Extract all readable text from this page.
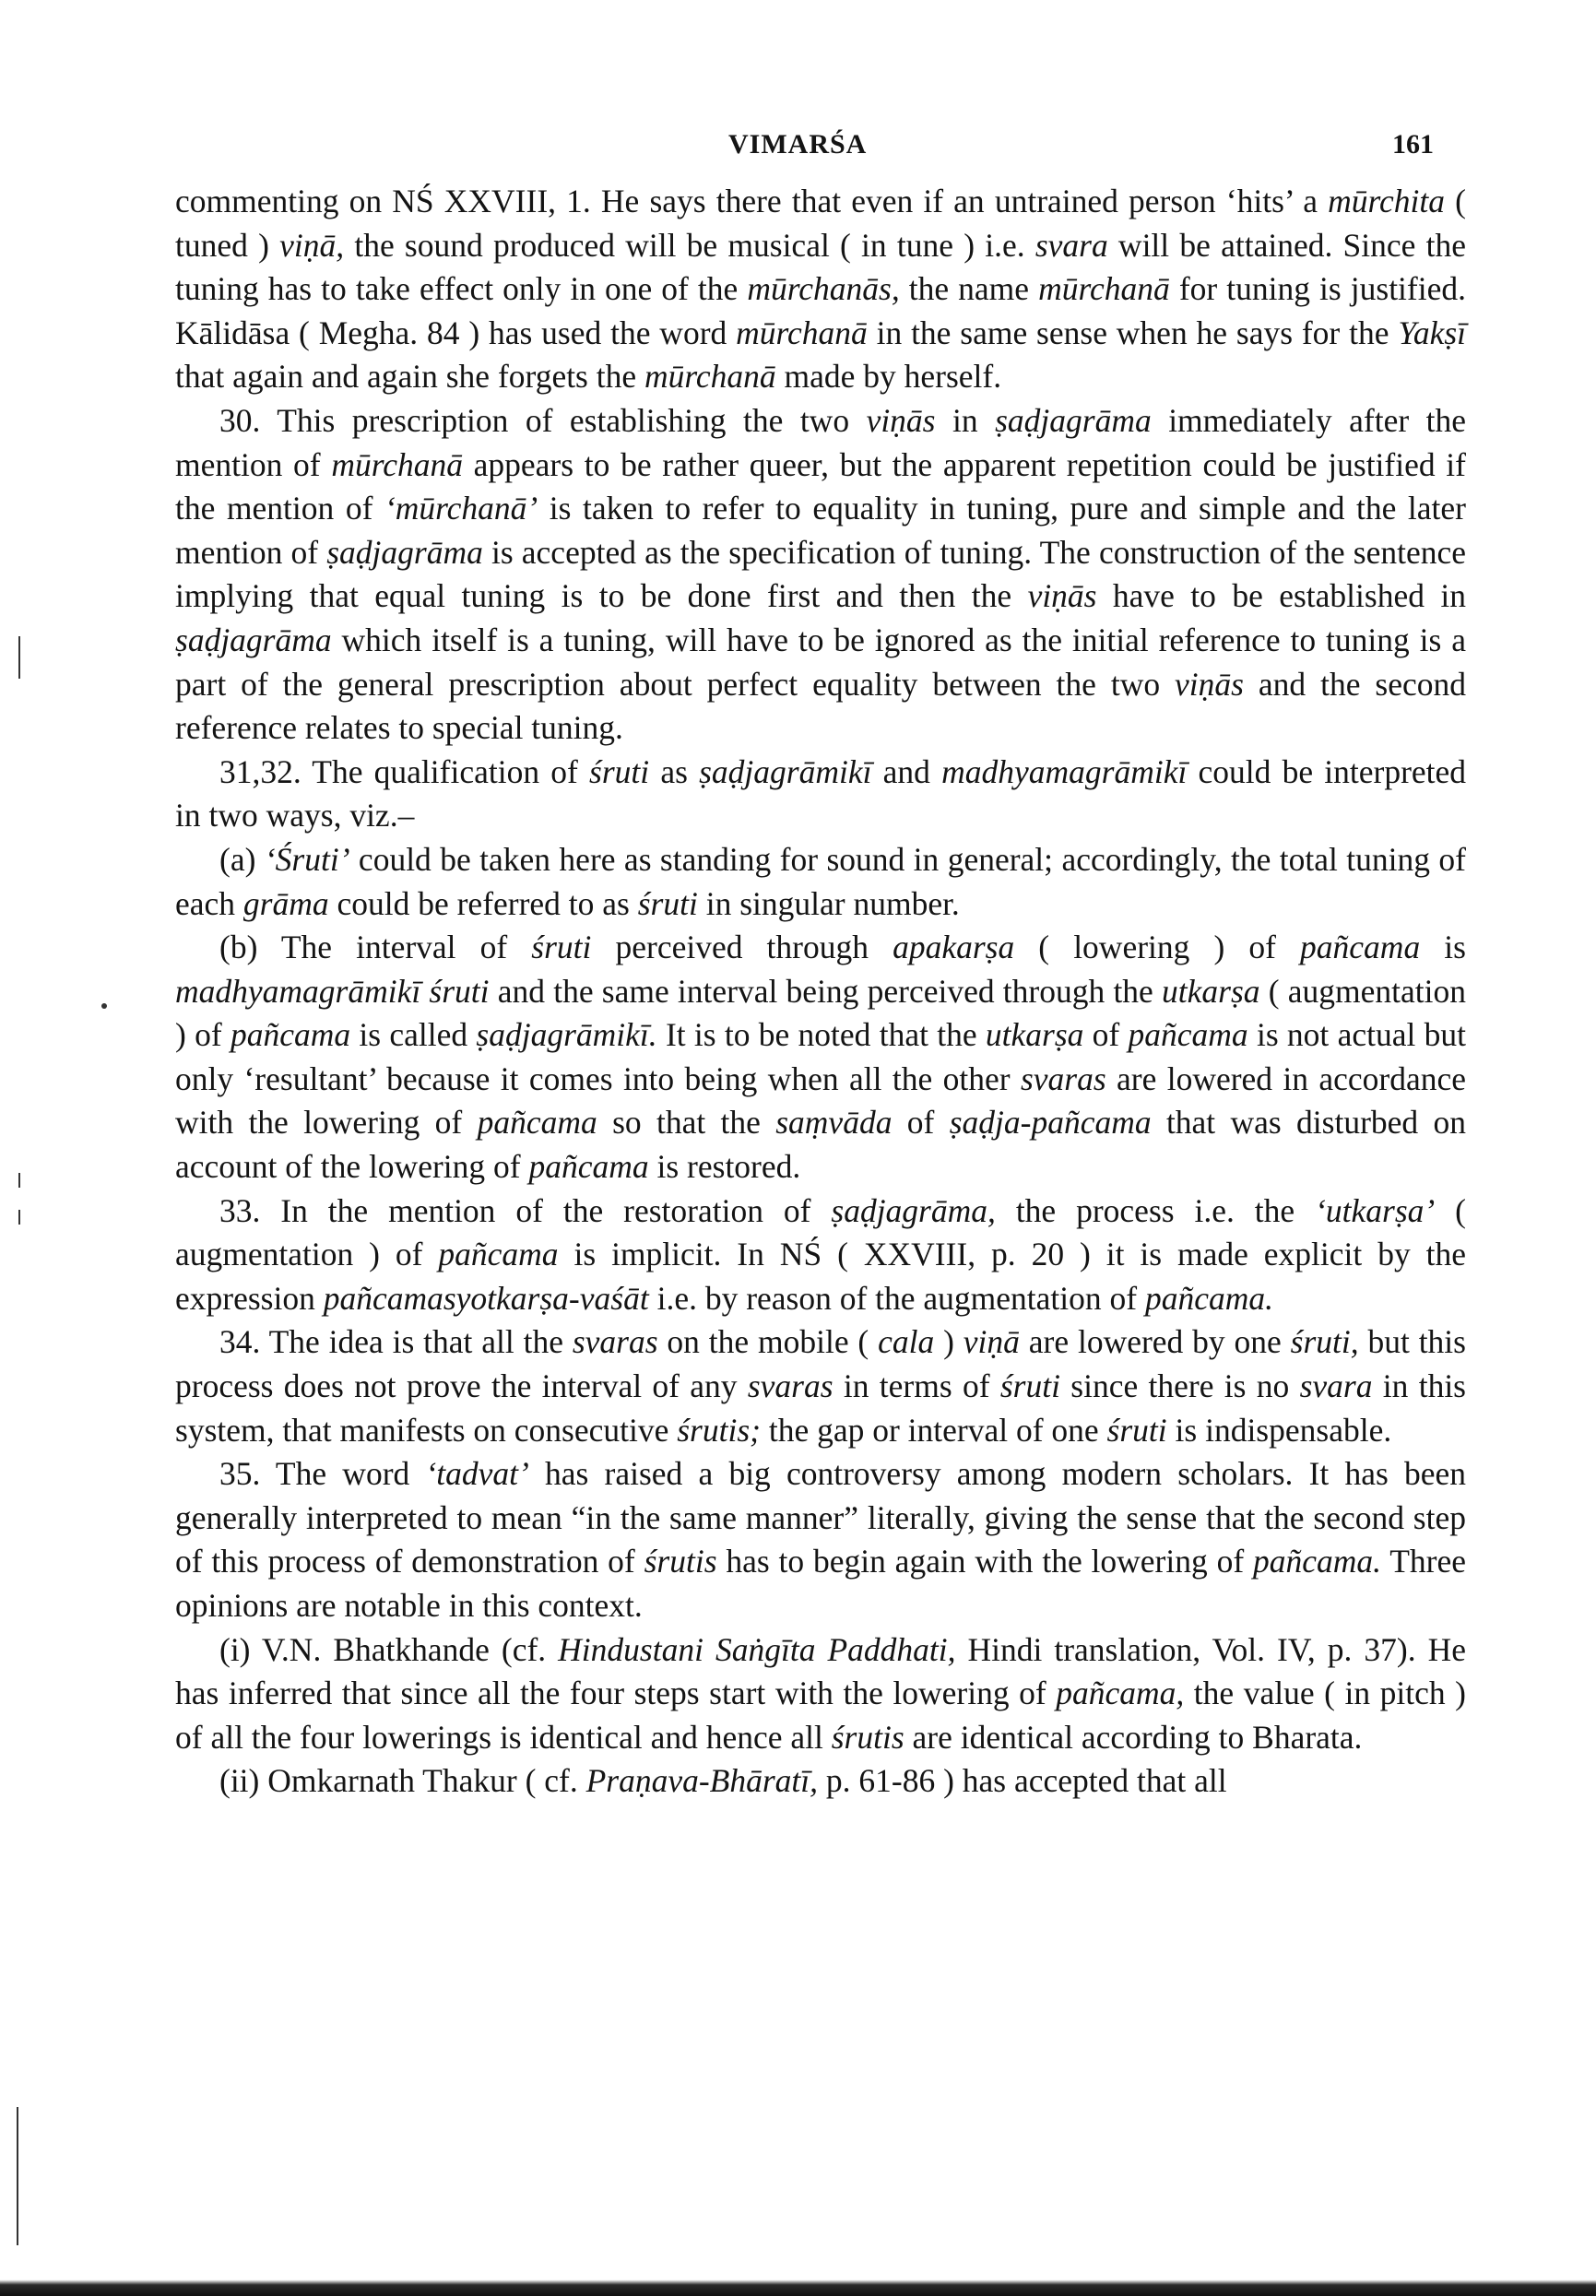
VIMARŚA	161

commenting on NŚ XXVIII, 1. He says there that even if an untrained person ‘hits’ a mūrchita ( tuned ) viṇā, the sound produced will be musical ( in tune ) i.e. svara will be attained. Since the tuning has to take effect only in one of the mūrchanās, the name mūrchanā for tuning is justified. Kālidāsa ( Megha. 84 ) has used the word mūrchanā in the same sense when he says for the Yakṣī that again and again she forgets the mūrchanā made by herself.

30. This prescription of establishing the two viṇās in ṣaḍjagrāma immediately after the mention of mūrchanā appears to be rather queer, but the apparent repetition could be justified if the mention of ‘mūrchanā’ is taken to refer to equality in tuning, pure and simple and the later mention of ṣaḍjagrāma is accepted as the specification of tuning. The construction of the sentence implying that equal tuning is to be done first and then the viṇās have to be established in ṣaḍjagrāma which itself is a tuning, will have to be ignored as the initial reference to tuning is a part of the general prescription about perfect equality between the two viṇās and the second reference relates to special tuning.

31,32. The qualification of śruti as ṣaḍjagrāmikī and madhyamagrāmikī could be interpreted in two ways, viz.–

(a) ‘Śruti’ could be taken here as standing for sound in general; accordingly, the total tuning of each grāma could be referred to as śruti in singular number.

(b) The interval of śruti perceived through apakarṣa ( lowering ) of pañcama is madhyamagrāmikī śruti and the same interval being perceived through the utkarṣa ( augmentation ) of pañcama is called ṣaḍjagrāmikī. It is to be noted that the utkarṣa of pañcama is not actual but only ‘resultant’ because it comes into being when all the other svaras are lowered in accordance with the lowering of pañcama so that the saṃvāda of ṣaḍja-pañcama that was disturbed on account of the lowering of pañcama is restored.

33. In the mention of the restoration of ṣaḍjagrāma, the process i.e. the ‘utkarṣa’ ( augmentation ) of pañcama is implicit. In NŚ ( XXVIII, p. 20 ) it is made explicit by the expression pañcamasyotkarṣa-vaśāt i.e. by reason of the augmentation of pañcama.

34. The idea is that all the svaras on the mobile ( cala ) viṇā are lowered by one śruti, but this process does not prove the interval of any svaras in terms of śruti since there is no svara in this system, that manifests on consecutive śrutis; the gap or interval of one śruti is indispensable.

35. The word ‘tadvat’ has raised a big controversy among modern scholars. It has been generally interpreted to mean “in the same manner” literally, giving the sense that the second step of this process of demonstration of śrutis has to begin again with the lowering of pañcama. Three opinions are notable in this context.

(i) V.N. Bhatkhande (cf. Hindustani Saṅgīta Paddhati, Hindi translation, Vol. IV, p. 37). He has inferred that since all the four steps start with the lowering of pañcama, the value ( in pitch ) of all the four lowerings is identical and hence all śrutis are identical according to Bharata.

(ii) Omkarnath Thakur ( cf. Praṇava-Bhāratī, p. 61-86 ) has accepted that all
